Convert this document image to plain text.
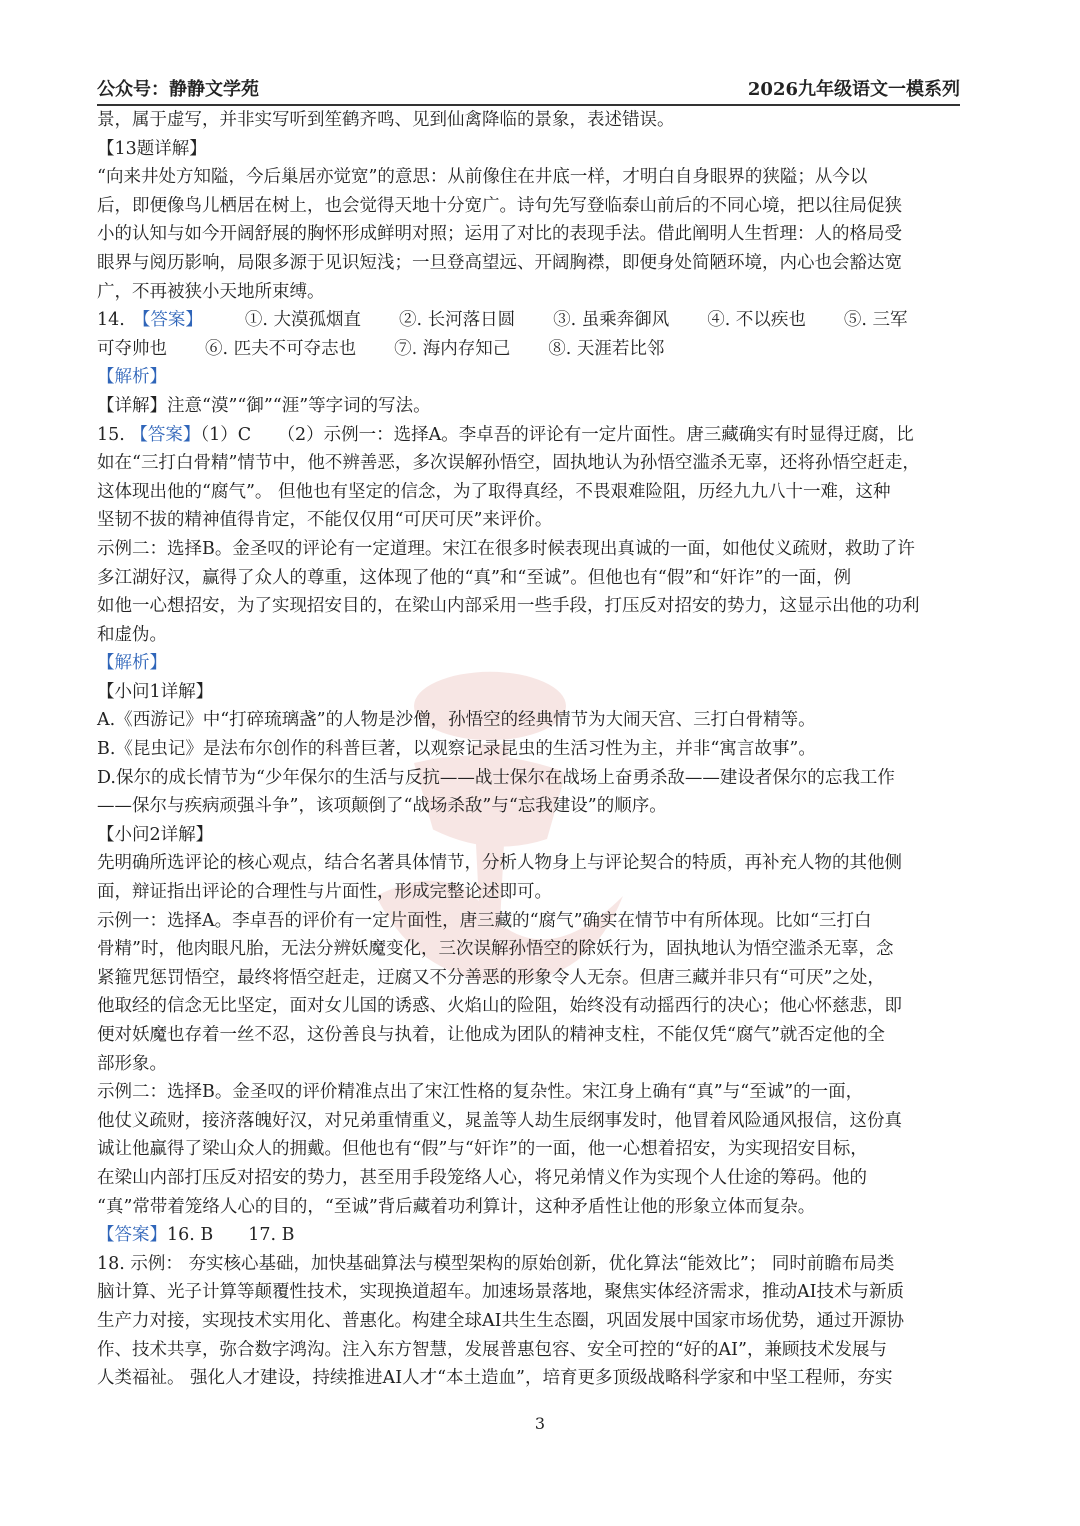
公众号：静静文学苑	2026九年级语文一模系列
景，属于虚写，并非实写听到笙鹤齐鸣、见到仙禽降临的景象，表述错误。
【13题详解】
“向来井处方知隘，今后巢居亦觉宽”的意思：从前像住在井底一样，才明白自身眼界的狭隘；从今以
后，即便像鸟儿栖居在树上，也会觉得天地十分宽广。诗句先写登临泰山前后的不同心境，把以往局促狭
小的认知与如今开阔舒展的胸怀形成鲜明对照；运用了对比的表现手法。借此阐明人生哲理：人的格局受
眼界与阅历影响，局限多源于见识短浅；一旦登高望远、开阔胸襟，即便身处简陋环境，内心也会豁达宽
广，不再被狭小天地所束缚。
14. 【答案】 ①. 大漠孤烟直 ②. 长河落日圆 ③. 虽乘奔御风 ④. 不以疾也 ⑤. 三军
可夺帅也 ⑥. 匹夫不可夺志也 ⑦. 海内存知己 ⑧. 天涯若比邻
【解析】
【详解】注意“漠”“御”“涯”等字词的写法。
15. 【答案】（1）C　　（2）示例一：选择A。李卓吾的评论有一定片面性。唐三藏确实有时显得迂腐，比
如在“三打白骨精”情节中，他不辨善恶，多次误解孙悟空，固执地认为孙悟空滥杀无辜，还将孙悟空赶走，
这体现出他的“腐气”。 但他也有坚定的信念，为了取得真经，不畏艰难险阻，历经九九八十一难，这种
坚韧不拔的精神值得肯定，不能仅仅用“可厌可厌”来评价。
示例二：选择B。金圣叹的评论有一定道理。宋江在很多时候表现出真诚的一面，如他仗义疏财，救助了许
多江湖好汉，赢得了众人的尊重，这体现了他的“真”和“至诚”。但他也有“假”和“奸诈”的一面，例
如他一心想招安，为了实现招安目的，在梁山内部采用一些手段，打压反对招安的势力，这显示出他的功利
和虚伪。
【解析】
【小问1详解】
A.《西游记》中“打碎琉璃盏”的人物是沙僧，孙悟空的经典情节为大闹天宫、三打白骨精等。
B.《昆虫记》是法布尔创作的科普巨著，以观察记录昆虫的生活习性为主，并非“寓言故事”。
D.保尔的成长情节为“少年保尔的生活与反抗——战士保尔在战场上奋勇杀敌——建设者保尔的忘我工作
——保尔与疾病顽强斗争”，该项颠倒了“战场杀敌”与“忘我建设”的顺序。
【小问2详解】
先明确所选评论的核心观点，结合名著具体情节，分析人物身上与评论契合的特质，再补充人物的其他侧
面，辩证指出评论的合理性与片面性，形成完整论述即可。
示例一：选择A。李卓吾的评价有一定片面性，唐三藏的“腐气”确实在情节中有所体现。比如“三打白
骨精”时，他肉眼凡胎，无法分辨妖魔变化，三次误解孙悟空的除妖行为，固执地认为悟空滥杀无辜，念
紧箍咒惩罚悟空，最终将悟空赶走，迂腐又不分善恶的形象令人无奈。但唐三藏并非只有“可厌”之处，
他取经的信念无比坚定，面对女儿国的诱惑、火焰山的险阻，始终没有动摇西行的决心；他心怀慈悲，即
便对妖魔也存着一丝不忍，这份善良与执着，让他成为团队的精神支柱，不能仅凭“腐气”就否定他的全
部形象。
示例二：选择B。金圣叹的评价精准点出了宋江性格的复杂性。宋江身上确有“真”与“至诚”的一面，
他仗义疏财，接济落魄好汉，对兄弟重情重义，晁盖等人劫生辰纲事发时，他冒着风险通风报信，这份真
诚让他赢得了梁山众人的拥戴。但他也有“假”与“奸诈”的一面，他一心想着招安，为实现招安目标，
在梁山内部打压反对招安的势力，甚至用手段笼络人心，将兄弟情义作为实现个人仕途的筹码。他的
“真”常带着笼络人心的目的，“至诚”背后藏着功利算计，这种矛盾性让他的形象立体而复杂。
【答案】16. B　　17. B
18. 示例： 夯实核心基础，加快基础算法与模型架构的原始创新，优化算法“能效比”； 同时前瞻布局类
脑计算、光子计算等颠覆性技术，实现换道超车。加速场景落地，聚焦实体经济需求，推动AI技术与新质
生产力对接，实现技术实用化、普惠化。构建全球AI共生生态圈，巩固发展中国家市场优势，通过开源协
作、技术共享，弥合数字鸿沟。注入东方智慧，发展普惠包容、安全可控的“好的AI”，兼顾技术发展与
人类福祉。 强化人才建设，持续推进AI人才“本土造血”，培育更多顶级战略科学家和中坚工程师，夯实
3
